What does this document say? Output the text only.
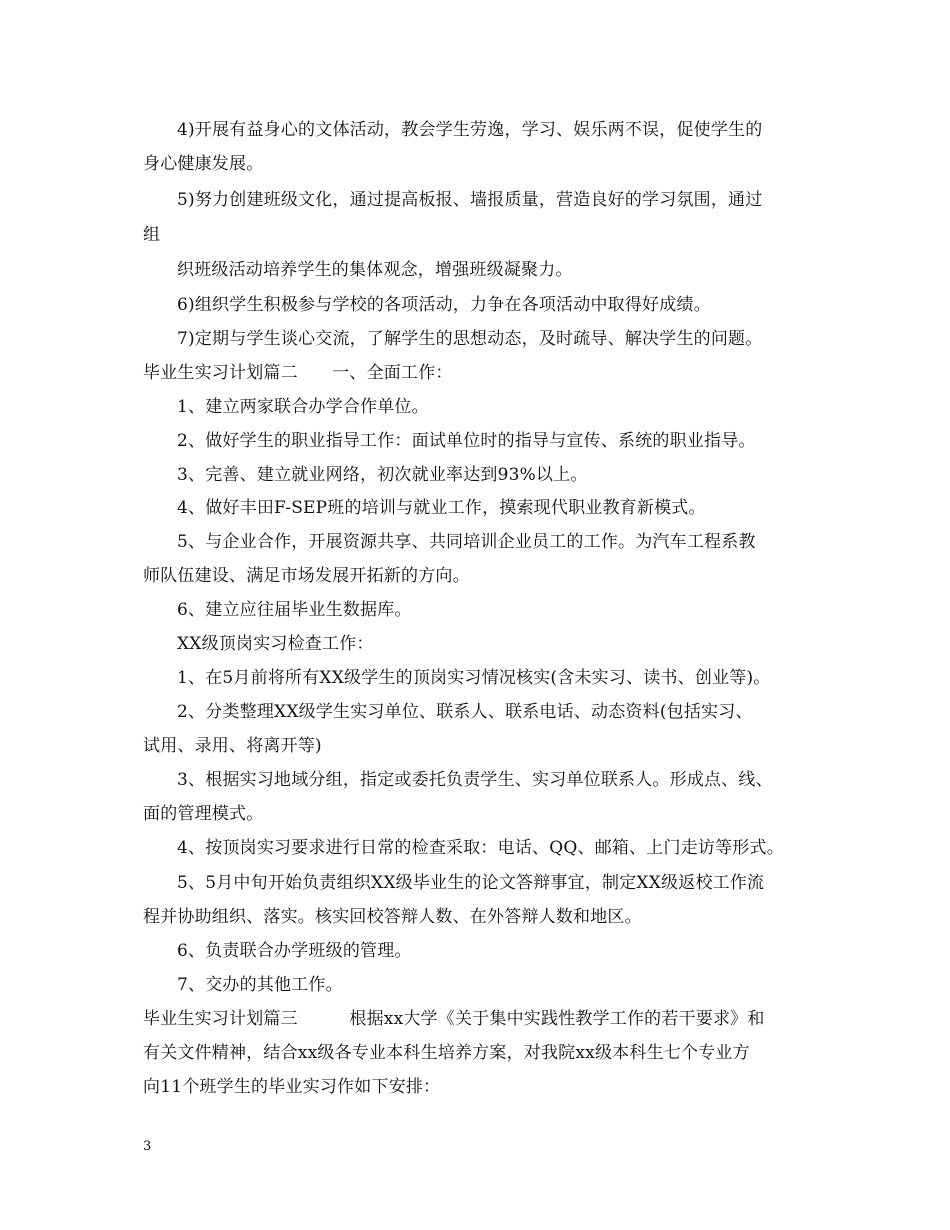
4)开展有益身心的文体活动，教会学生劳逸，学习、娱乐两不误，促使学生的
身心健康发展。
5)努力创建班级文化，通过提高板报、墙报质量，营造良好的学习氛围，通过
组
织班级活动培养学生的集体观念，增强班级凝聚力。
6)组织学生积极参与学校的各项活动，力争在各项活动中取得好成绩。
7)定期与学生谈心交流，了解学生的思想动态，及时疏导、解决学生的问题。
毕业生实习计划篇二　　一、全面工作：
1、建立两家联合办学合作单位。
2、做好学生的职业指导工作：面试单位时的指导与宣传、系统的职业指导。
3、完善、建立就业网络，初次就业率达到93%以上。
4、做好丰田F-SEP班的培训与就业工作，摸索现代职业教育新模式。
5、与企业合作，开展资源共享、共同培训企业员工的工作。为汽车工程系教
师队伍建设、满足市场发展开拓新的方向。
6、建立应往届毕业生数据库。
XX级顶岗实习检查工作：
1、在5月前将所有XX级学生的顶岗实习情况核实(含未实习、读书、创业等)。
2、分类整理XX级学生实习单位、联系人、联系电话、动态资料(包括实习、
试用、录用、将离开等)
3、根据实习地域分组，指定或委托负责学生、实习单位联系人。形成点、线、
面的管理模式。
4、按顶岗实习要求进行日常的检查采取：电话、QQ、邮箱、上门走访等形式。
5、5月中旬开始负责组织XX级毕业生的论文答辩事宜，制定XX级返校工作流
程并协助组织、落实。核实回校答辩人数、在外答辩人数和地区。
6、负责联合办学班级的管理。
7、交办的其他工作。
毕业生实习计划篇三　　　根据xx大学《关于集中实践性教学工作的若干要求》和
有关文件精神，结合xx级各专业本科生培养方案，对我院xx级本科生七个专业方
向11个班学生的毕业实习作如下安排：
3
